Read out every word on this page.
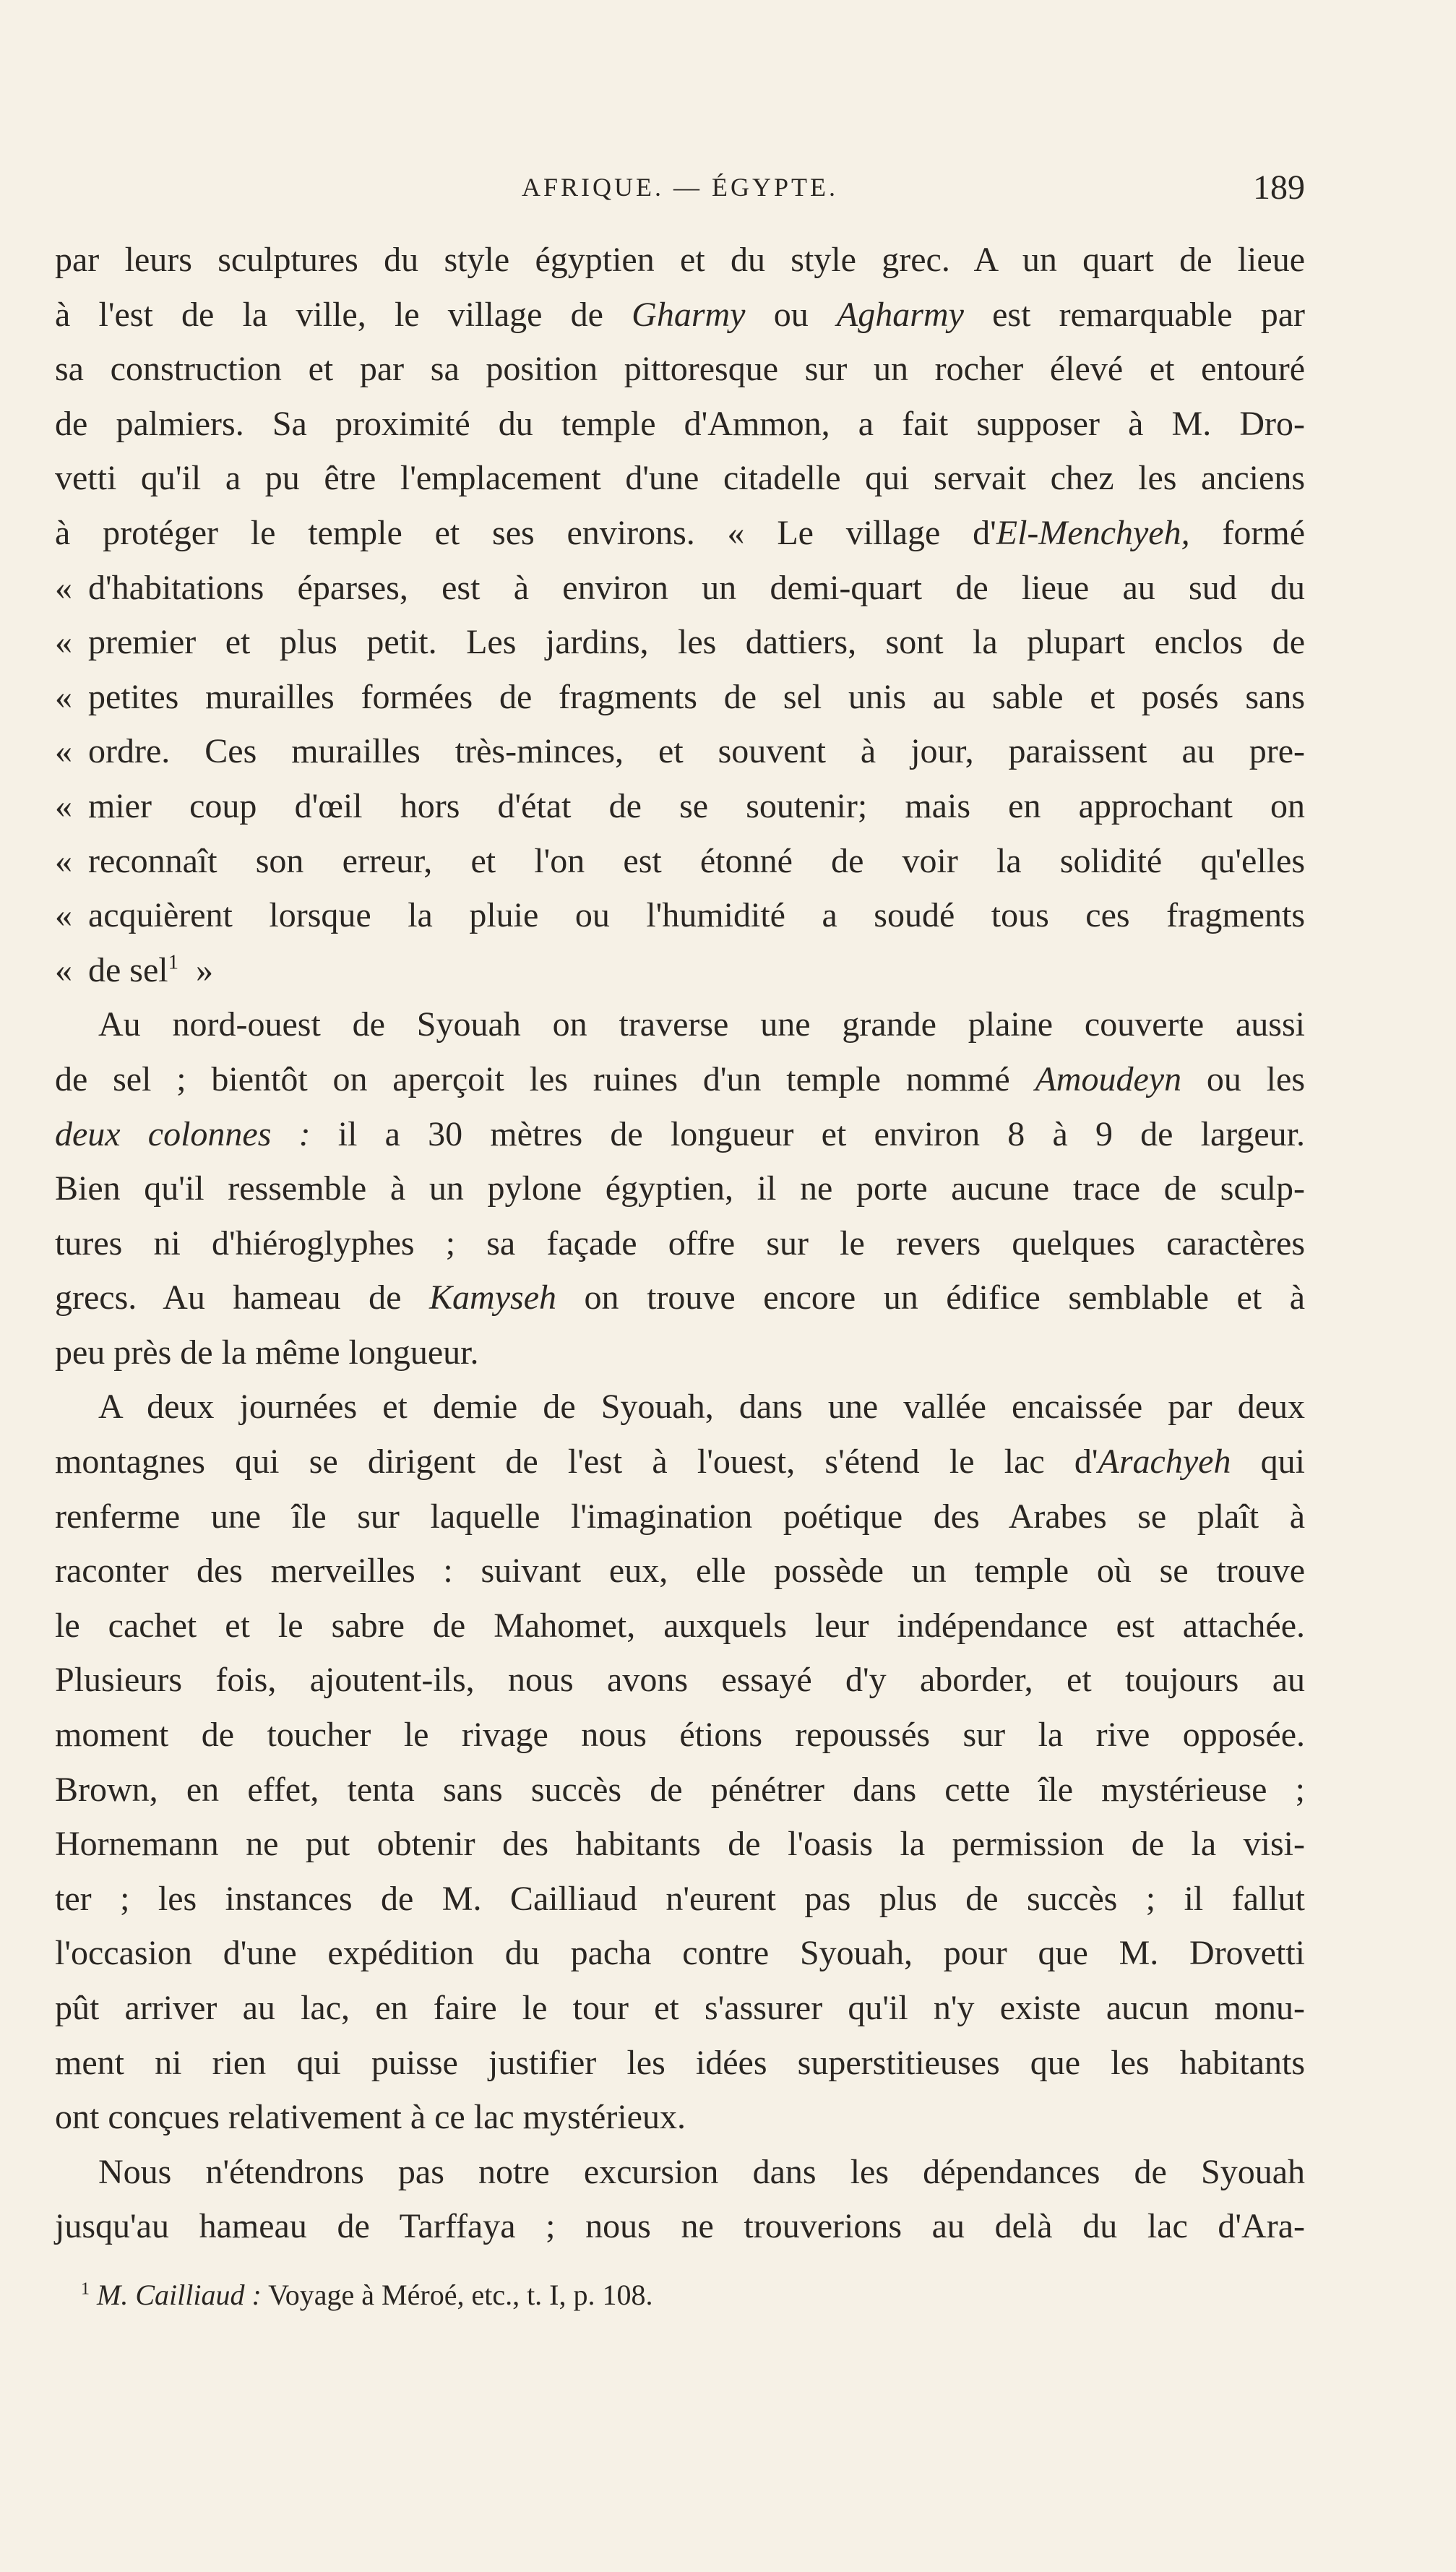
AFRIQUE. — ÉGYPTE.	189
par leurs sculptures du style égyptien et du style grec. A un quart de lieue
à l'est de la ville, le village de Gharmy ou Agharmy est remarquable par
sa construction et par sa position pittoresque sur un rocher élevé et entouré
de palmiers. Sa proximité du temple d'Ammon, a fait supposer à M. Dro-
vetti qu'il a pu être l'emplacement d'une citadelle qui servait chez les anciens
à protéger le temple et ses environs. « Le village d'El-Menchyeh, formé
« d'habitations éparses, est à environ un demi-quart de lieue au sud du
« premier et plus petit. Les jardins, les dattiers, sont la plupart enclos de
« petites murailles formées de fragments de sel unis au sable et posés sans
« ordre. Ces murailles très-minces, et souvent à jour, paraissent au pre-
« mier coup d'œil hors d'état de se soutenir; mais en approchant on
« reconnaît son erreur, et l'on est étonné de voir la solidité qu'elles
« acquièrent lorsque la pluie ou l'humidité a soudé tous ces fragments
« de sel$^1$ »
Au nord-ouest de Syouah on traverse une grande plaine couverte aussi
de sel ; bientôt on aperçoit les ruines d'un temple nommé Amoudeyn ou les
deux colonnes : il a 30 mètres de longueur et environ 8 à 9 de largeur.
Bien qu'il ressemble à un pylone égyptien, il ne porte aucune trace de sculp-
tures ni d'hiéroglyphes ; sa façade offre sur le revers quelques caractères
grecs. Au hameau de Kamyseh on trouve encore un édifice semblable et à
peu près de la même longueur.
A deux journées et demie de Syouah, dans une vallée encaissée par deux
montagnes qui se dirigent de l'est à l'ouest, s'étend le lac d'Arachyeh qui
renferme une île sur laquelle l'imagination poétique des Arabes se plaît à
raconter des merveilles : suivant eux, elle possède un temple où se trouve
le cachet et le sabre de Mahomet, auxquels leur indépendance est attachée.
Plusieurs fois, ajoutent-ils, nous avons essayé d'y aborder, et toujours au
moment de toucher le rivage nous étions repoussés sur la rive opposée.
Brown, en effet, tenta sans succès de pénétrer dans cette île mystérieuse ;
Hornemann ne put obtenir des habitants de l'oasis la permission de la visi-
ter ; les instances de M. Cailliaud n'eurent pas plus de succès ; il fallut
l'occasion d'une expédition du pacha contre Syouah, pour que M. Drovetti
pût arriver au lac, en faire le tour et s'assurer qu'il n'y existe aucun monu-
ment ni rien qui puisse justifier les idées superstitieuses que les habitants
ont conçues relativement à ce lac mystérieux.
Nous n'étendrons pas notre excursion dans les dépendances de Syouah
jusqu'au hameau de Tarffaya ; nous ne trouverions au delà du lac d'Ara-
$^1$ M. Cailliaud : Voyage à Méroé, etc., t. I, p. 108.
